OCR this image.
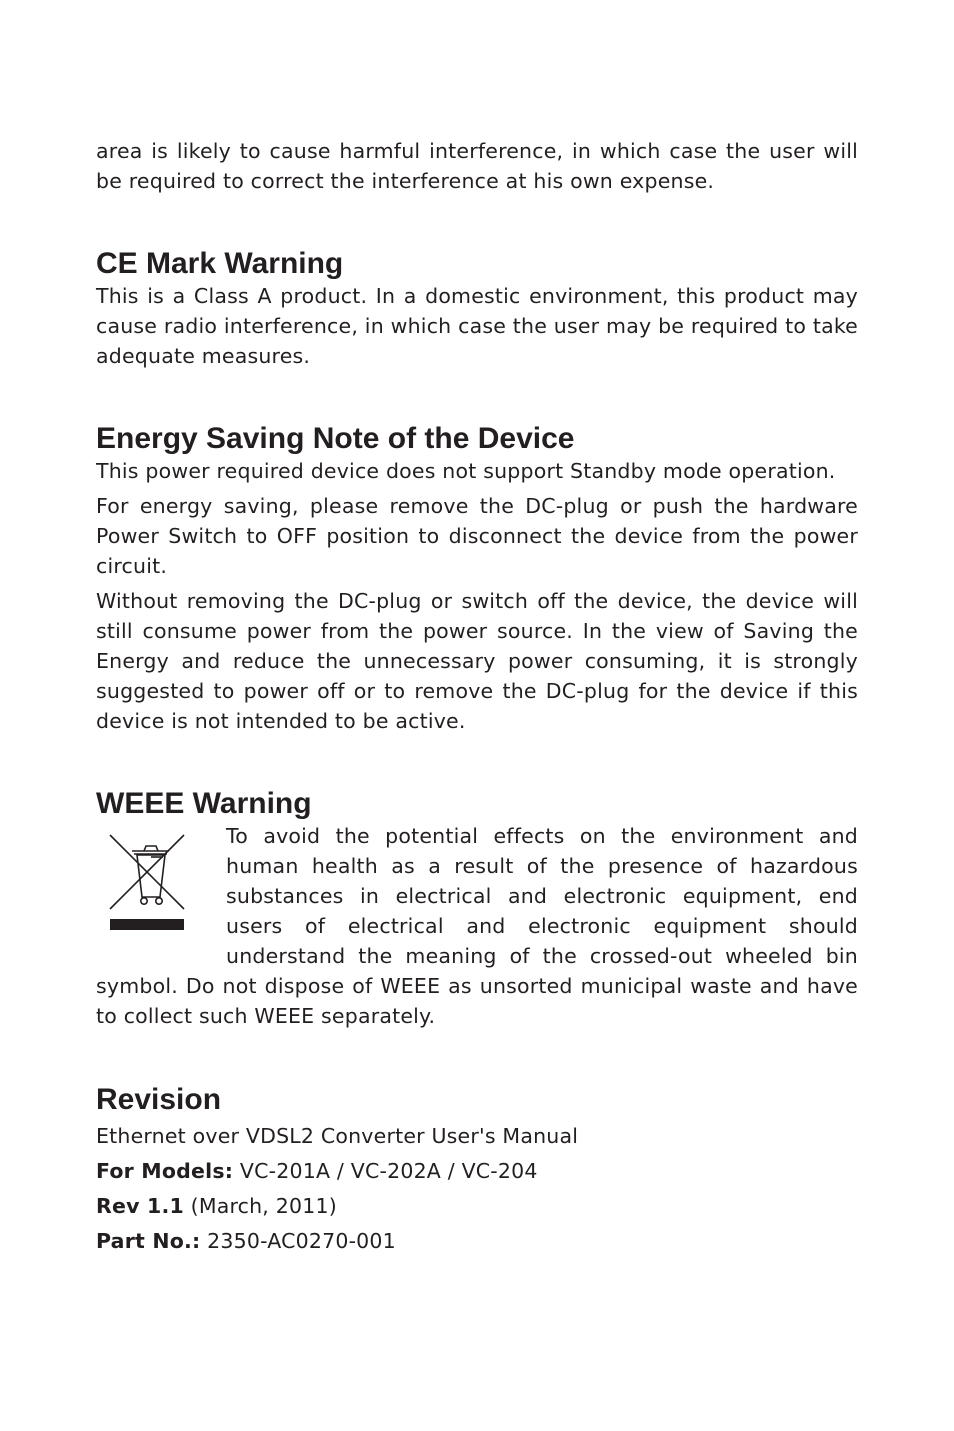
area is likely to cause harmful interference, in which case the user will be required to correct the interference at his own expense.

CE Mark Warning

This is a Class A product. In a domestic environment, this product may cause radio interference, in which case the user may be required to take adequate measures.

Energy Saving Note of the Device

This power required device does not support Standby mode operation.

For energy saving, please remove the DC-plug or push the hardware Power Switch to OFF position to disconnect the device from the power circuit.

Without removing the DC-plug or switch off the device, the device will still consume power from the power source. In the view of Saving the Energy and reduce the unnecessary power consuming, it is strongly suggested to power off or to remove the DC-plug for the device if this device is not intended to be active.

WEEE Warning

To avoid the potential effects on the environment and human health as a result of the presence of hazardous substances in electrical and electronic equipment, end users of electrical and electronic equipment should understand the meaning of the crossed-out wheeled bin symbol. Do not dispose of WEEE as unsorted municipal waste and have to collect such WEEE separately.

Revision
Ethernet over VDSL2 Converter User's Manual
For Models: VC-201A / VC-202A / VC-204
Rev 1.1 (March, 2011)
Part No.: 2350-AC0270-001
